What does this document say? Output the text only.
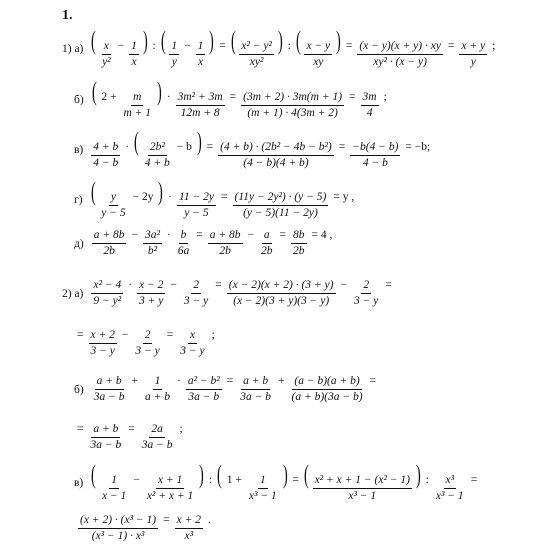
1.
1) а) ( $\frac{x}{\text{y²}} - \frac{1}{x}$ ) : ( $\frac{1}{y} - \frac{1}{x}$ ) = ( $\frac{\text{x² − y²}}{\text{xy²}}$ ) : ( $\frac{x - y}{xy}$ ) = $\frac{(x - y)(x + y) \cdot xy}{\text{xy² · (x − y)}} = \frac{x + y}{y}$ ;
б) ( $2 + \frac{m}{m + 1}$ ) · $\frac{\text{3m² + 3m}}{12m + 8} = \frac{(3m + 2) \cdot 3m(m + 1)}{(m + 1) \cdot 4(3m + 2)} = \frac{3m}{4}$ ;
$в) \frac{4 + b}{4 - b}$ · ( $\frac{\text{2b²}}{4 + b} - b$ ) = $\frac{\text{(4 + b) · (2b² − 4b − b²)}}{(4 - b)(4 + b)} = \frac{-b(4 - b)}{4 - b} = -b$;
г) ( $\frac{y}{y - 5} - 2y$ ) · $\frac{11 - 2y}{y - 5} = \frac{\text{(11y − 2y²) · (y − 5)}}{(y - 5)(11 - 2y)} = y$ ,
$д) \frac{a + 8b}{2b} - \frac{\text{3a²}}{\text{b²}} \cdot \frac{b}{6a} = \frac{a + 8b}{2b} - \frac{a}{2b} = \frac{8b}{2b} = 4$ ,
2) $а) \frac{\text{x² − 4}}{\text{9 − y²}} \cdot \frac{x - 2}{3 + y} - \frac{2}{3 - y} = \frac{(x - 2)(x + 2) \cdot (3 + y)}{(x - 2)(3 + y)(3 - y)} - \frac{2}{3 - y}$ =
= $\frac{x + 2}{3 - y} - \frac{2}{3 - y} = \frac{x}{3 - y}$ ;
$б) \frac{a + b}{3a - b} + \frac{1}{a + b} \cdot \frac{\text{a² − b²}}{3a - b} = \frac{a + b}{3a - b} + \frac{(a - b)(a + b)}{(a + b)(3a - b)}$ =
= $\frac{a + b}{3a - b} = \frac{2a}{3a - b}$ ;
в) ( $\frac{1}{x - 1} - \frac{x + 1}{\text{x² + x + 1}}$ ) : ( $1 + \frac{1}{\text{x³ − 1}}$ ) = ( $\frac{\text{x² + x + 1 − (x² − 1)}}{\text{x³ − 1}}$ ) : $\frac{\text{x³}}{\text{x³ − 1}}$ =
$\frac{\text{(x + 2) · (x³ − 1)}}{\text{(x³ − 1) · x³}} = \frac{x + 2}{\text{x³}}$ .
